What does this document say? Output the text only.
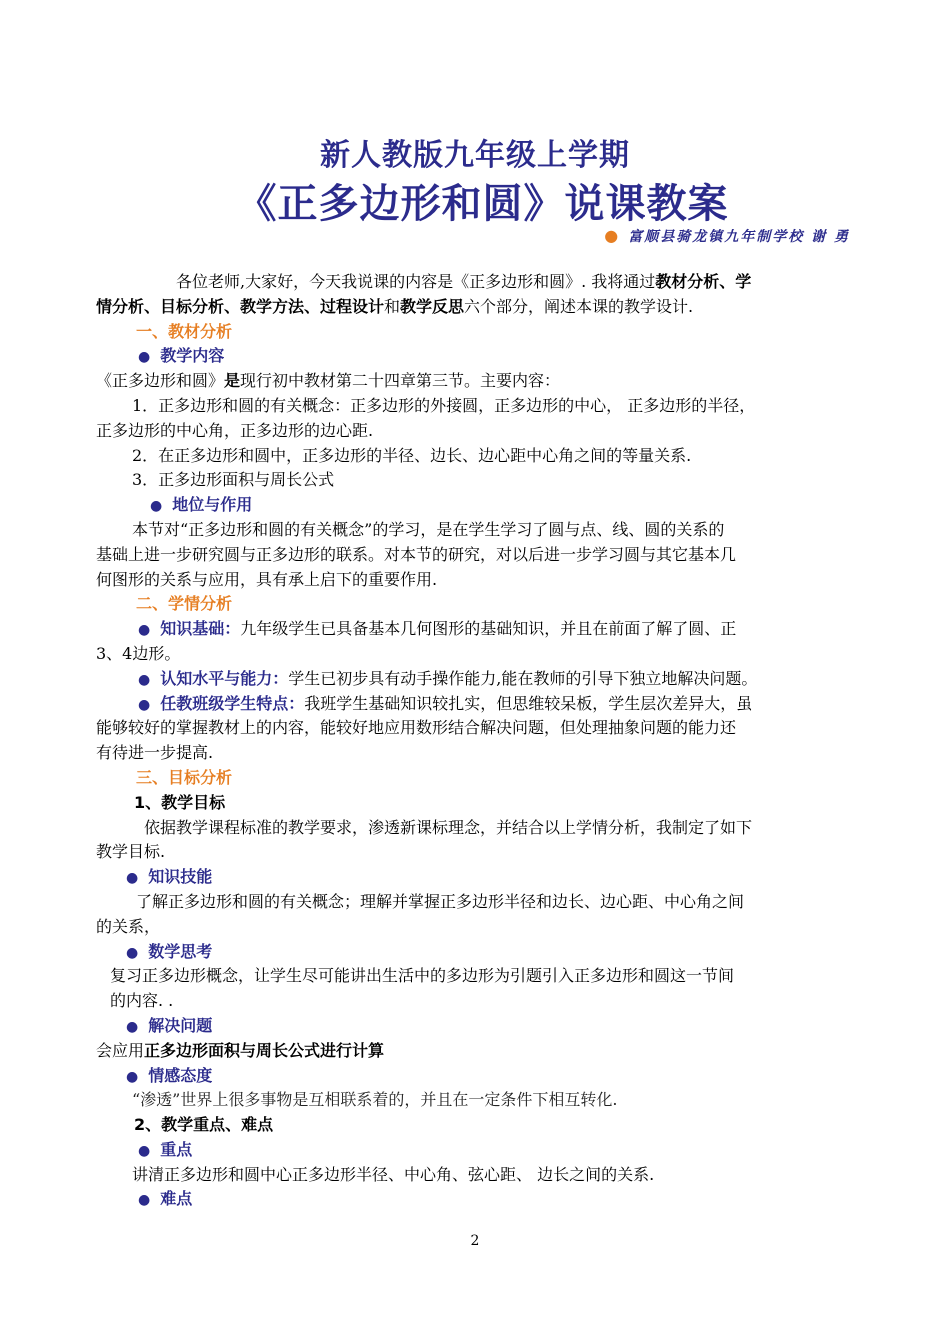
新人教版九年级上学期
《正多边形和圆》说课教案
● 富顺县骑龙镇九年制学校 谢 勇
各位老师,大家好，今天我说课的内容是《正多边形和圆》. 我将通过教材分析、学
情分析、目标分析、教学方法、过程设计和教学反思六个部分，阐述本课的教学设计.
一、教材分析
● 教学内容
《正多边形和圆》是现行初中教材第二十四章第三节。主要内容：
1．正多边形和圆的有关概念：正多边形的外接圆，正多边形的中心， 正多边形的半径，
正多边形的中心角，正多边形的边心距.
2．在正多边形和圆中，正多边形的半径、边长、边心距中心角之间的等量关系.
3．正多边形面积与周长公式
● 地位与作用
本节对“正多边形和圆的有关概念”的学习，是在学生学习了圆与点、线、圆的关系的
基础上进一步研究圆与正多边形的联系。对本节的研究，对以后进一步学习圆与其它基本几
何图形的关系与应用，具有承上启下的重要作用.
二、学情分析
● 知识基础：九年级学生已具备基本几何图形的基础知识，并且在前面了解了圆、正
3、4边形。
● 认知水平与能力：学生已初步具有动手操作能力,能在教师的引导下独立地解决问题。
● 任教班级学生特点：我班学生基础知识较扎实，但思维较呆板，学生层次差异大，虽
能够较好的掌握教材上的内容，能较好地应用数形结合解决问题，但处理抽象问题的能力还
有待进一步提高.
三、目标分析
1、教学目标
依据教学课程标准的教学要求，渗透新课标理念，并结合以上学情分析，我制定了如下
教学目标.
● 知识技能
了解正多边形和圆的有关概念；理解并掌握正多边形半径和边长、边心距、中心角之间
的关系，
● 数学思考
复习正多边形概念，让学生尽可能讲出生活中的多边形为引题引入正多边形和圆这一节间
的内容. .
● 解决问题
会应用正多边形面积与周长公式进行计算
● 情感态度
“渗透”世界上很多事物是互相联系着的，并且在一定条件下相互转化.
2、教学重点、难点
● 重点
讲清正多边形和圆中心正多边形半径、中心角、弦心距、 边长之间的关系.
● 难点
2
